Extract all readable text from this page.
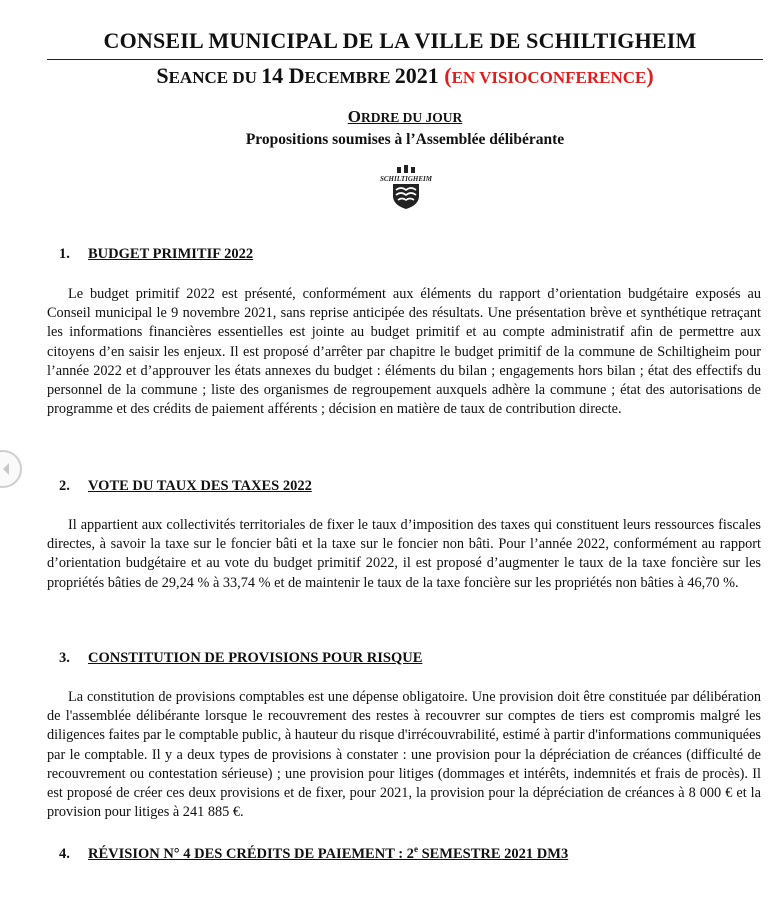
CONSEIL MUNICIPAL DE LA VILLE DE SCHILTIGHEIM
SEANCE DU 14 DECEMBRE 2021 (EN VISIOCONFERENCE)
ORDRE DU JOUR
Propositions soumises à l’Assemblée délibérante
SCHILTIGHEIM
1. BUDGET PRIMITIF 2022

Le budget primitif 2022 est présenté, conformément aux éléments du rapport d’orientation budgétaire exposés au Conseil municipal le 9 novembre 2021, sans reprise anticipée des résultats. Une présentation brève et synthétique retraçant les informations financières essentielles est jointe au budget primitif et au compte administratif afin de permettre aux citoyens d’en saisir les enjeux. Il est proposé d’arrêter par chapitre le budget primitif de la commune de Schiltigheim pour l’année 2022 et d’approuver les états annexes du budget : éléments du bilan ; engagements hors bilan ; état des effectifs du personnel de la commune ; liste des organismes de regroupement auxquels adhère la commune ; état des autorisations de programme et des crédits de paiement afférents ; décision en matière de taux de contribution directe.

2. VOTE DU TAUX DES TAXES 2022

Il appartient aux collectivités territoriales de fixer le taux d’imposition des taxes qui constituent leurs ressources fiscales directes, à savoir la taxe sur le foncier bâti et la taxe sur le foncier non bâti. Pour l’année 2022, conformément au rapport d’orientation budgétaire et au vote du budget primitif 2022, il est proposé d’augmenter le taux de la taxe foncière sur les propriétés bâties de 29,24 % à 33,74 % et de maintenir le taux de la taxe foncière sur les propriétés non bâties à 46,70 %.

3. CONSTITUTION DE PROVISIONS POUR RISQUE

La constitution de provisions comptables est une dépense obligatoire. Une provision doit être constituée par délibération de l'assemblée délibérante lorsque le recouvrement des restes à recouvrer sur comptes de tiers est compromis malgré les diligences faites par le comptable public, à hauteur du risque d'irrécouvrabilité, estimé à partir d'informations communiquées par le comptable. Il y a deux types de provisions à constater : une provision pour la dépréciation de créances (difficulté de recouvrement ou contestation sérieuse) ; une provision pour litiges (dommages et intérêts, indemnités et frais de procès). Il est proposé de créer ces deux provisions et de fixer, pour 2021, la provision pour la dépréciation de créances à 8 000 € et la provision pour litiges à 241 885 €.

4. RÉVISION N° 4 DES CRÉDITS DE PAIEMENT : 2e SEMESTRE 2021 DM3
